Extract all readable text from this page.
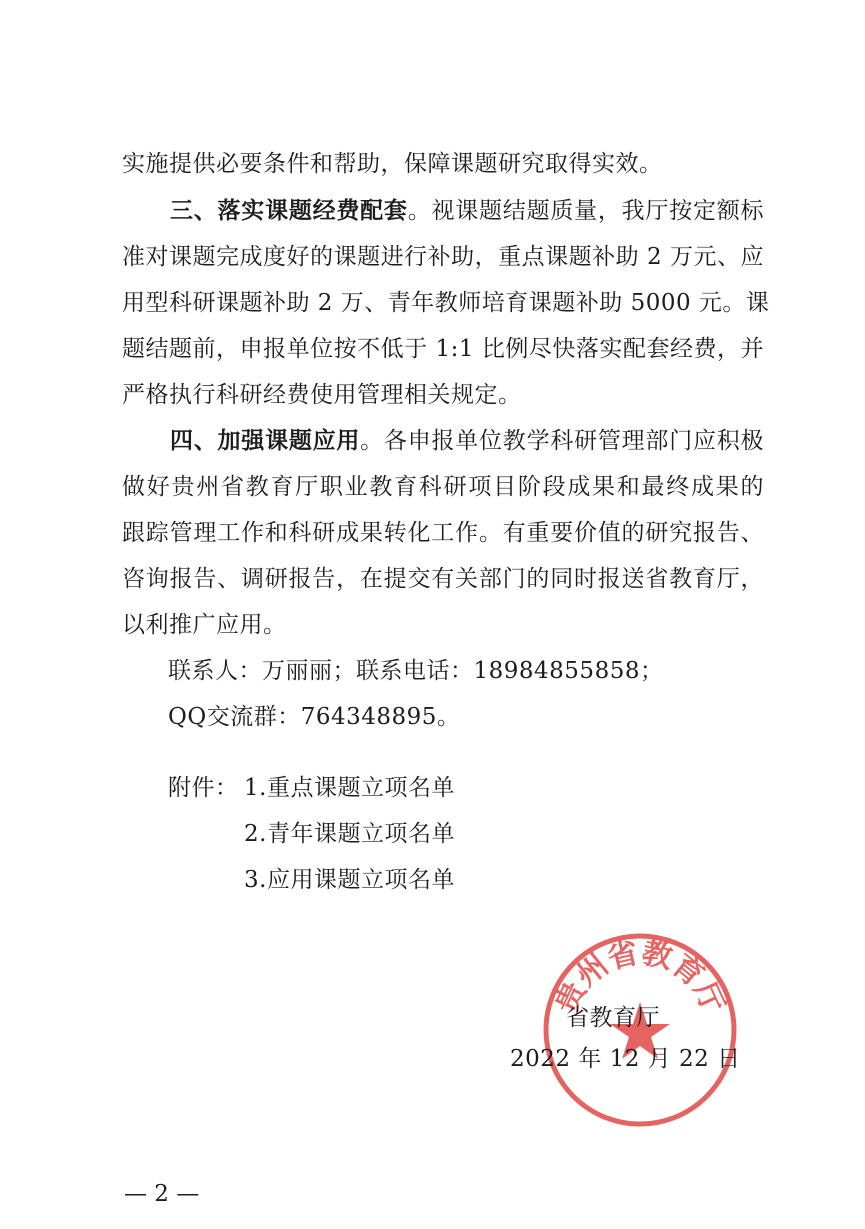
实施提供必要条件和帮助，保障课题研究取得实效。
三、落实课题经费配套。视课题结题质量，我厅按定额标
准对课题完成度好的课题进行补助，重点课题补助 2 万元、应
用型科研课题补助 2 万、青年教师培育课题补助 5000 元。课
题结题前，申报单位按不低于 1:1 比例尽快落实配套经费，并
严格执行科研经费使用管理相关规定。
四、加强课题应用。各申报单位教学科研管理部门应积极
做好贵州省教育厅职业教育科研项目阶段成果和最终成果的
跟踪管理工作和科研成果转化工作。有重要价值的研究报告、
咨询报告、调研报告，在提交有关部门的同时报送省教育厅，
以利推广应用。
联系人：万丽丽；联系电话：18984855858；
QQ交流群：764348895。
附件： 1.重点课题立项名单
2.青年课题立项名单
3.应用课题立项名单
贵州省教育厅
省教育厅
2022 年 12 月 22 日
— 2 —
